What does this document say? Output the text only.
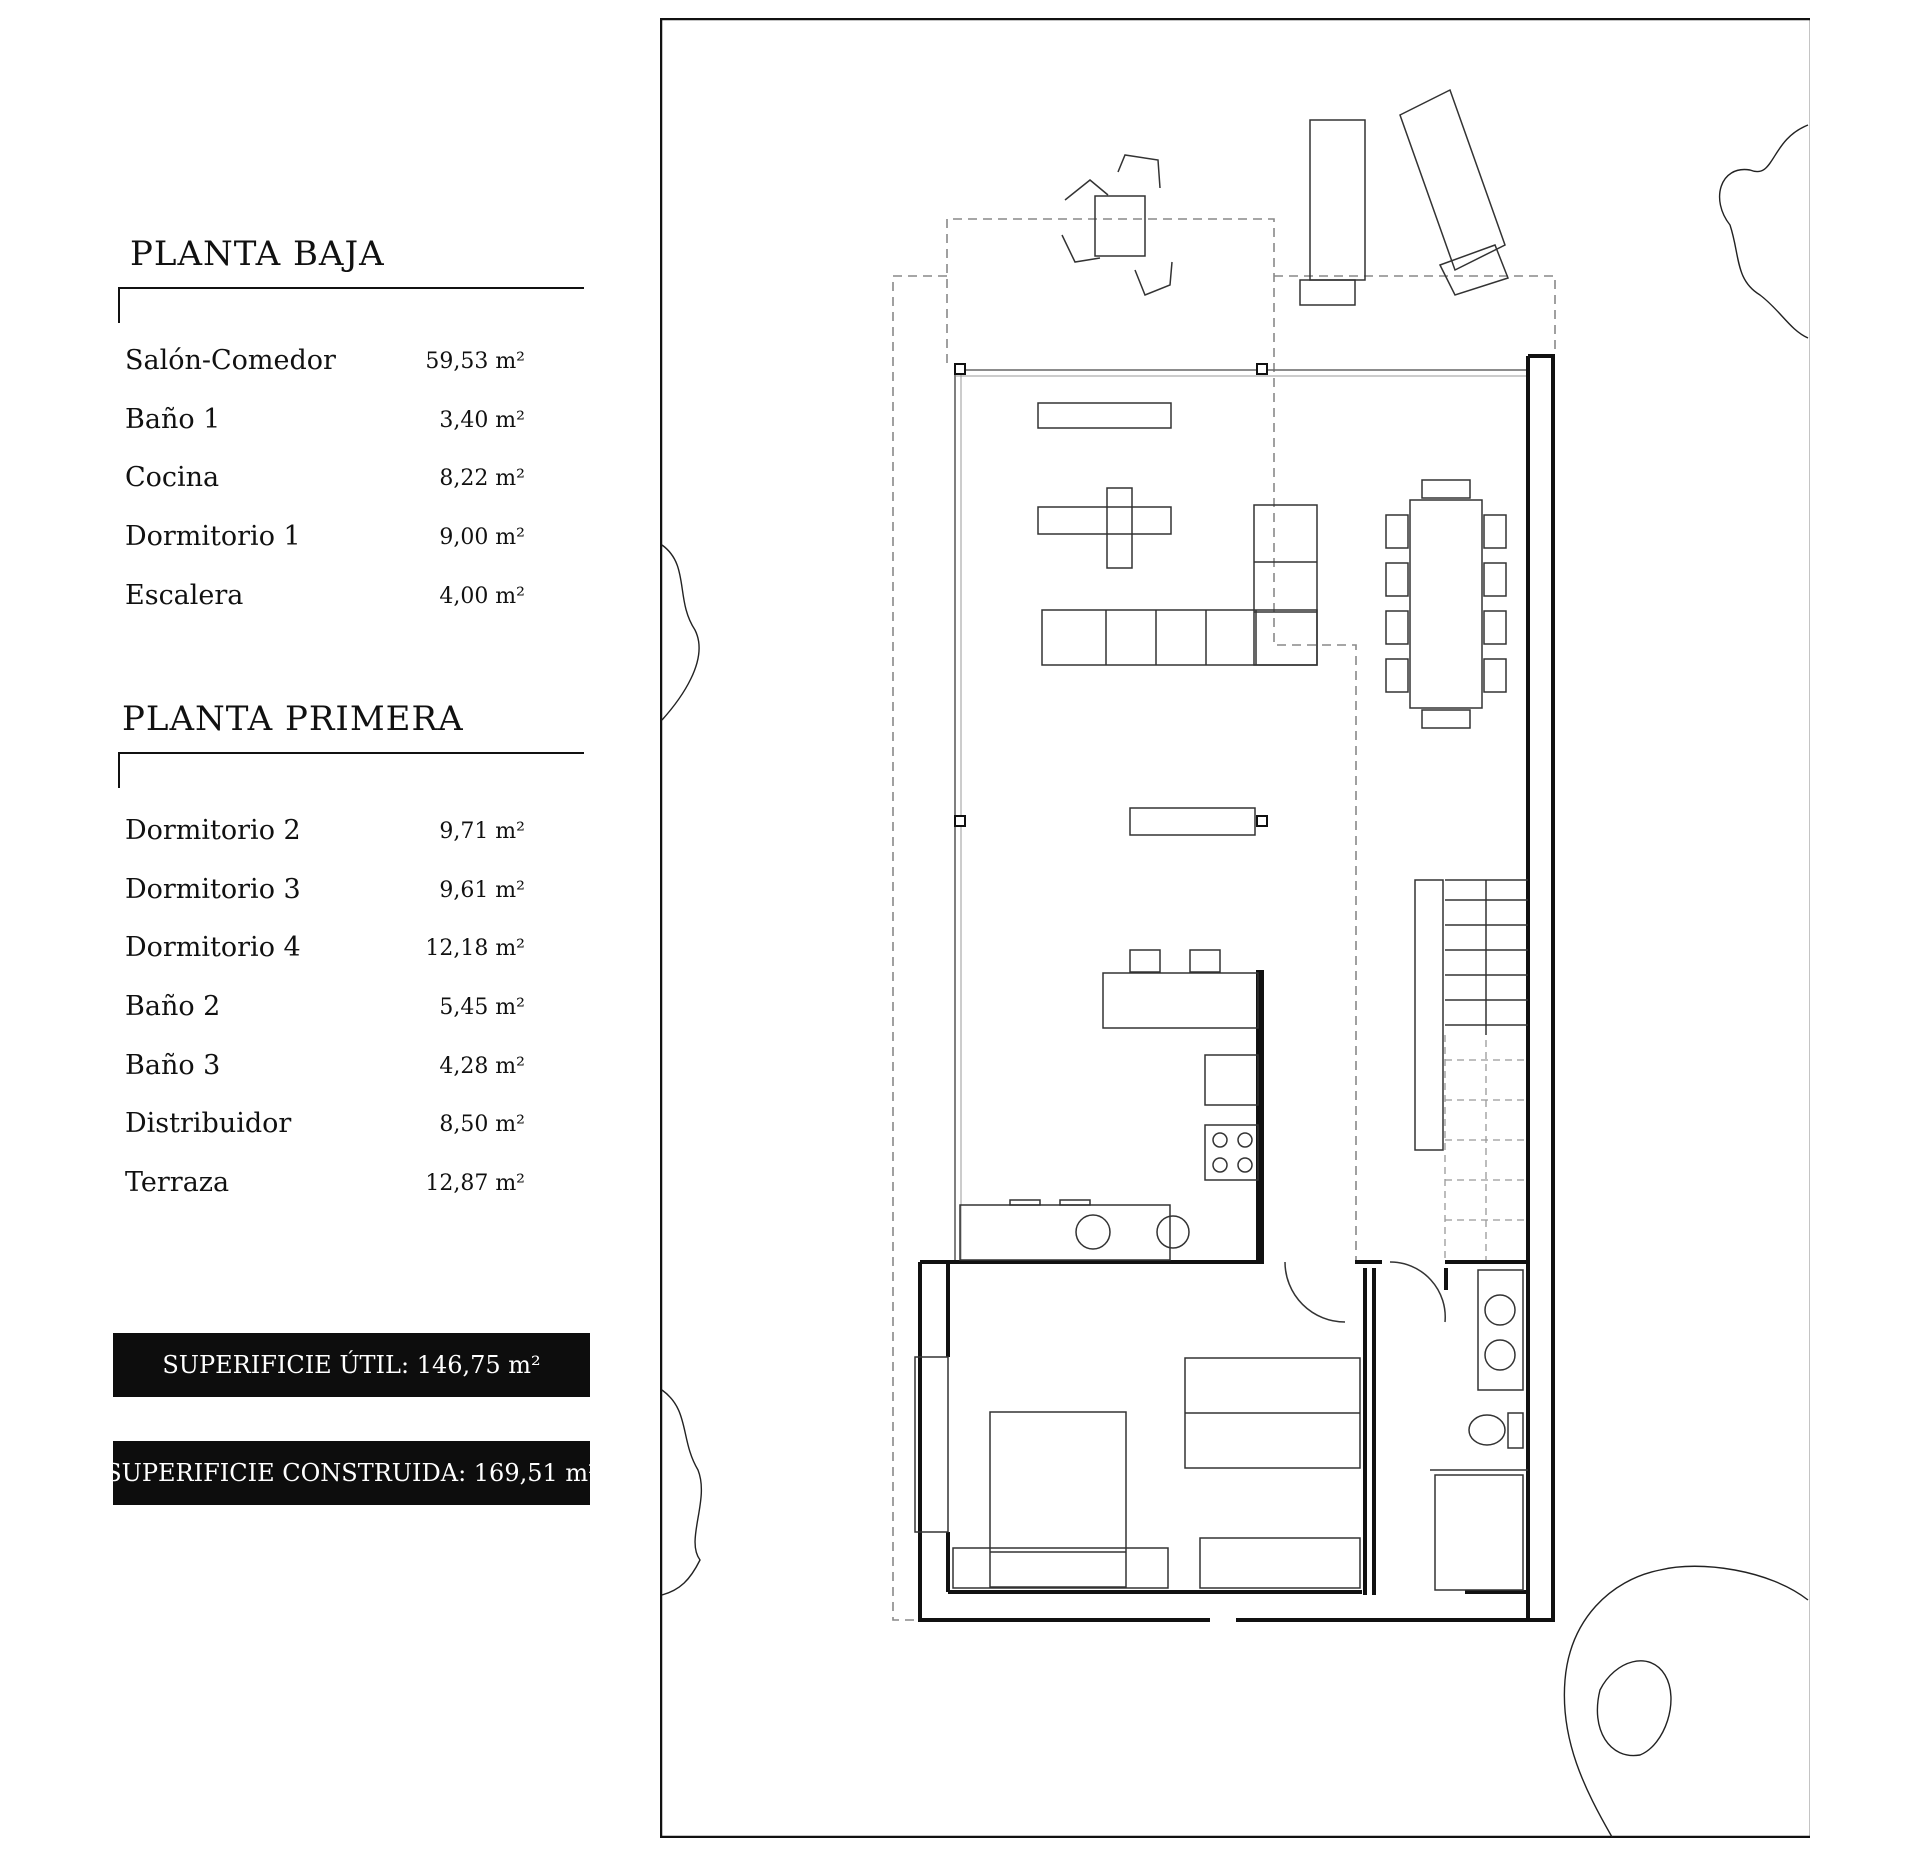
PLANTA BAJA
Salón-Comedor	59,53 m²
Baño 1	3,40 m²
Cocina	8,22 m²
Dormitorio 1	9,00 m²
Escalera	4,00 m²
PLANTA PRIMERA
Dormitorio 2	9,71 m²
Dormitorio 3	9,61 m²
Dormitorio 4	12,18 m²
Baño 2	5,45 m²
Baño 3	4,28 m²
Distribuidor	8,50 m²
Terraza	12,87 m²
SUPERIFICIE ÚTIL: 146,75 m²
SUPERIFICIE CONSTRUIDA: 169,51 m²
